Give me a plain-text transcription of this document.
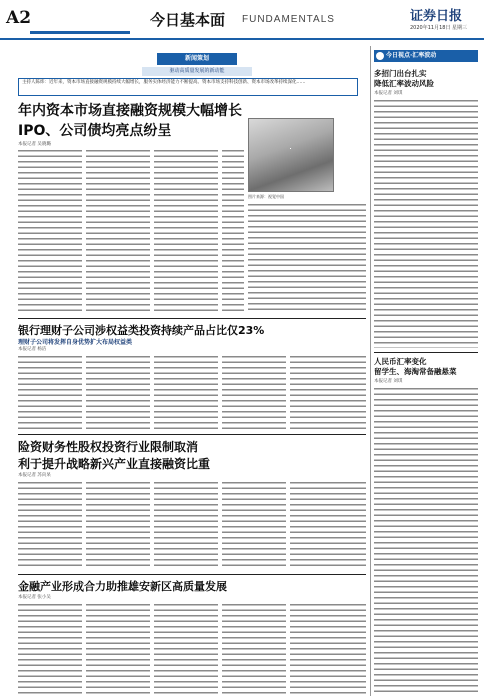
A2	今日基本面 FUNDAMENTALS	证券日报
2020年11月18日 星期三
新闻策划
驱动高质量发展的新动能
主持人陈炜：近年来，资本市场直接融资规模持续大幅增长，服务实体经济能力不断提高。资本市场支持科技创新、资本市场改革持续深化……
年内资本市场直接融资规模大幅增长
IPO、公司债均亮点纷呈
本报记者 吴晓璐
图片来源：视觉中国
银行理财子公司涉权益类投资持续产品占比仅23%
理财子公司将发挥自身优势扩大布局权益类
本报记者 杨洁
险资财务性股权投资行业限制取消
利于提升战略新兴产业直接融资比重
本报记者 苏向杲
金融产业形成合力助推雄安新区高质量发展
本报记者 张小吴
今日视点·汇率波动
多招门出台扎实
降低汇率波动风险
本报记者 刘琪
人民币汇率变化
留学生、海淘常备融悬菜
本报记者 刘琪
